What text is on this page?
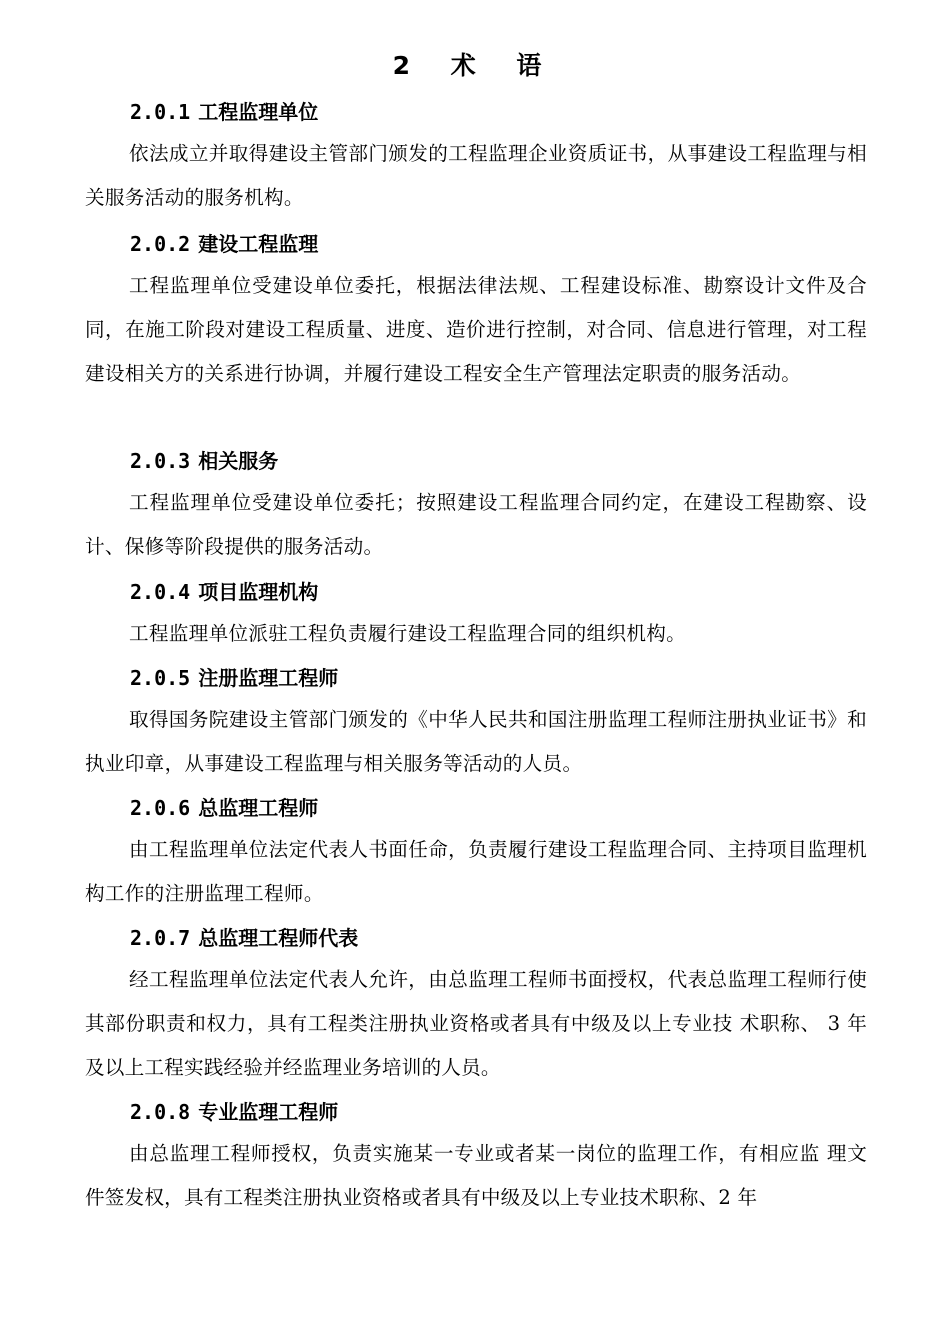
2 术 语
2.0.1 工程监理单位

依法成立并取得建设主管部门颁发的工程监理企业资质证书，从事建设工程监理与相关服务活动的服务机构。

2.0.2 建设工程监理

工程监理单位受建设单位委托，根据法律法规、工程建设标准、勘察设计文件及合同，在施工阶段对建设工程质量、进度、造价进行控制，对合同、信息进行管理，对工程建设相关方的关系进行协调，并履行建设工程安全生产管理法定职责的服务活动。

2.0.3 相关服务

工程监理单位受建设单位委托；按照建设工程监理合同约定，在建设工程勘察、设计、保修等阶段提供的服务活动。

2.0.4 项目监理机构

工程监理单位派驻工程负责履行建设工程监理合同的组织机构。

2.0.5 注册监理工程师

取得国务院建设主管部门颁发的《中华人民共和国注册监理工程师注册执业证书》和执业印章，从事建设工程监理与相关服务等活动的人员。

2.0.6 总监理工程师

由工程监理单位法定代表人书面任命，负责履行建设工程监理合同、主持项目监理机构工作的注册监理工程师。

2.0.7 总监理工程师代表

经工程监理单位法定代表人允许，由总监理工程师书面授权，代表总监理工程师行使其部份职责和权力，具有工程类注册执业资格或者具有中级及以上专业技 术职称、 3 年及以上工程实践经验并经监理业务培训的人员。

2.0.8 专业监理工程师

由总监理工程师授权，负责实施某一专业或者某一岗位的监理工作，有相应监 理文件签发权，具有工程类注册执业资格或者具有中级及以上专业技术职称、2 年
